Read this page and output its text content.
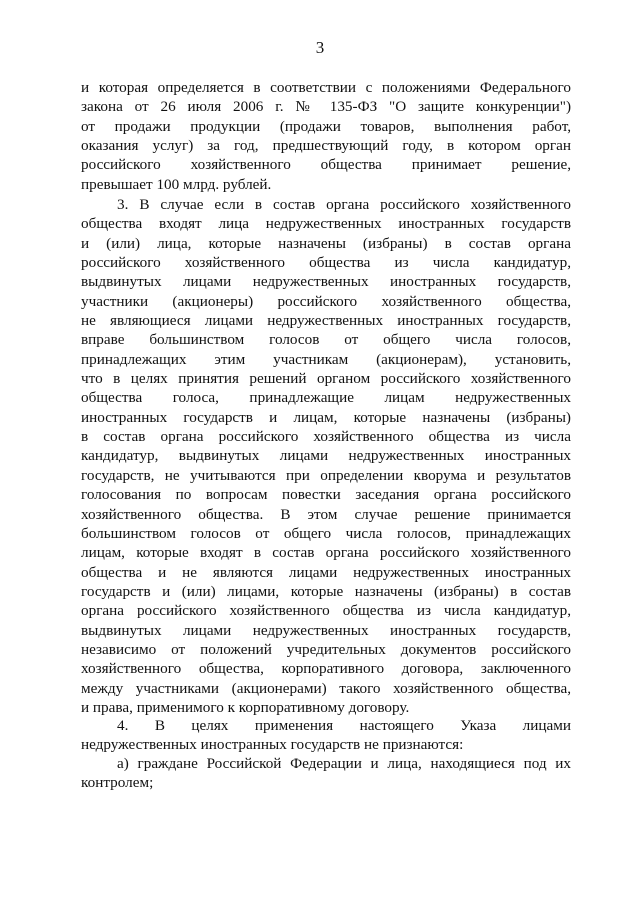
3
и которая определяется в соответствии с положениями Федерального
закона от 26 июля 2006 г. № 135-ФЗ "О защите конкуренции")
от продажи продукции (продажи товаров, выполнения работ,
оказания услуг) за год, предшествующий году, в котором орган
российского хозяйственного общества принимает решение,
превышает 100 млрд. рублей.
3. В случае если в состав органа российского хозяйственного
общества входят лица недружественных иностранных государств
и (или) лица, которые назначены (избраны) в состав органа
российского хозяйственного общества из числа кандидатур,
выдвинутых лицами недружественных иностранных государств,
участники (акционеры) российского хозяйственного общества,
не являющиеся лицами недружественных иностранных государств,
вправе большинством голосов от общего числа голосов,
принадлежащих этим участникам (акционерам), установить,
что в целях принятия решений органом российского хозяйственного
общества голоса, принадлежащие лицам недружественных
иностранных государств и лицам, которые назначены (избраны)
в состав органа российского хозяйственного общества из числа
кандидатур, выдвинутых лицами недружественных иностранных
государств, не учитываются при определении кворума и результатов
голосования по вопросам повестки заседания органа российского
хозяйственного общества. В этом случае решение принимается
большинством голосов от общего числа голосов, принадлежащих
лицам, которые входят в состав органа российского хозяйственного
общества и не являются лицами недружественных иностранных
государств и (или) лицами, которые назначены (избраны) в состав
органа российского хозяйственного общества из числа кандидатур,
выдвинутых лицами недружественных иностранных государств,
независимо от положений учредительных документов российского
хозяйственного общества, корпоративного договора, заключенного
между участниками (акционерами) такого хозяйственного общества,
и права, применимого к корпоративному договору.
4. В целях применения настоящего Указа лицами
недружественных иностранных государств не признаются:
а) граждане Российской Федерации и лица, находящиеся под их
контролем;
